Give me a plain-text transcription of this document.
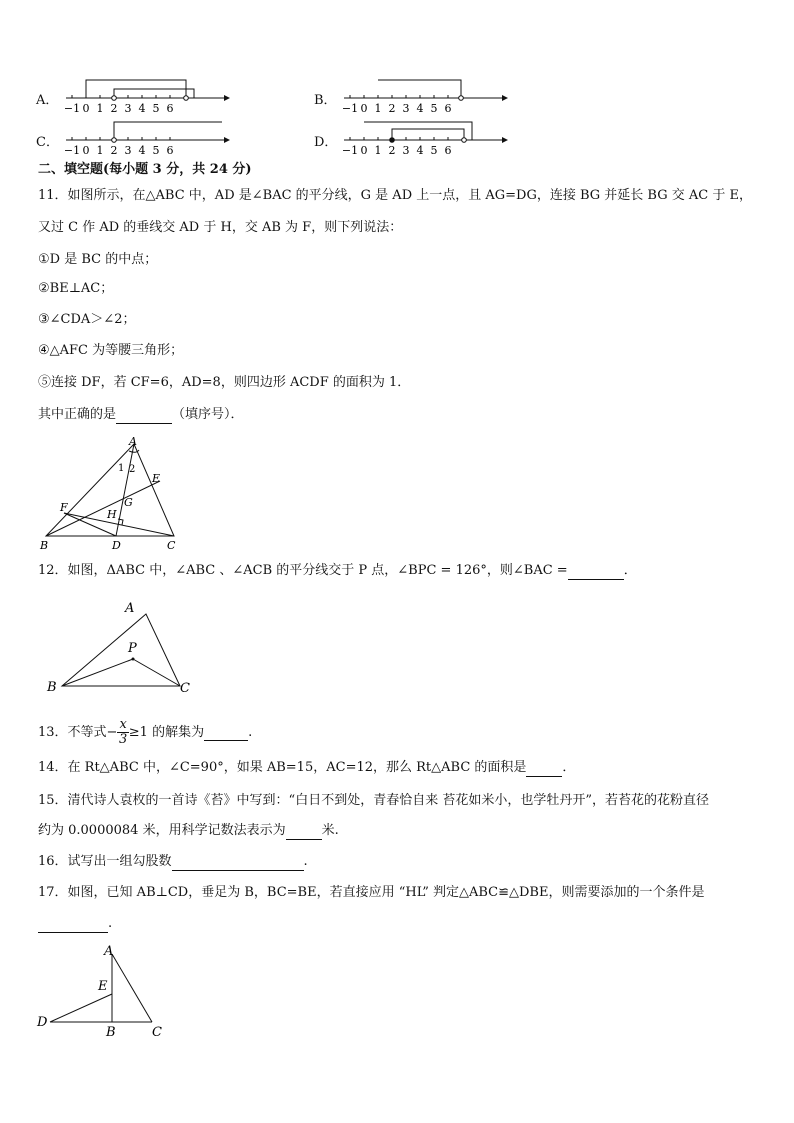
A．
−1 0 1 2 3 4 5 6
B．
−1 0 1 2 3 4 5 6
C．
−1 0 1 2 3 4 5 6
D．
−1 0 1 2 3 4 5 6
二、填空题(每小题 3 分，共 24 分)
11．如图所示，在△ABC 中，AD 是∠BAC 的平分线，G 是 AD 上一点，且 AG=DG，连接 BG 并延长 BG 交 AC 于 E，
又过 C 作 AD 的垂线交 AD 于 H，交 AB 为 F，则下列说法：
①D 是 BC 的中点；
②BE⊥AC；
③∠CDA＞∠2；
④△AFC 为等腰三角形；
⑤连接 DF，若 CF=6，AD=8，则四边形 ACDF 的面积为 1．
其中正确的是	（填序号）．
A
B	C
D
E
F	G
H
1 2
12．如图，ΔABC 中，∠ABC 、∠ACB 的平分线交于 P 点，∠BPC = 126°，则∠BAC =	．
A
B	C
P
13．不等式− $\frac{x}{3} \ge 1$ 的解集为	.
14．在 Rt△ABC 中，∠C=90°，如果 AB=15，AC=12，那么 Rt△ABC 的面积是	．
15．清代诗人袁枚的一首诗《苔》中写到：“白日不到处，青春恰自来 苔花如米小，也学牡丹开”，若苔花的花粉直径
约为 0.0000084 米，用科学记数法表示为	米.
16．试写出一组勾股数	.
17．如图，已知 AB⊥CD，垂足为 B，BC=BE，若直接应用 “HL” 判定△ABC≌△DBE，则需要添加的一个条件是
.
A
E
D
B	C
